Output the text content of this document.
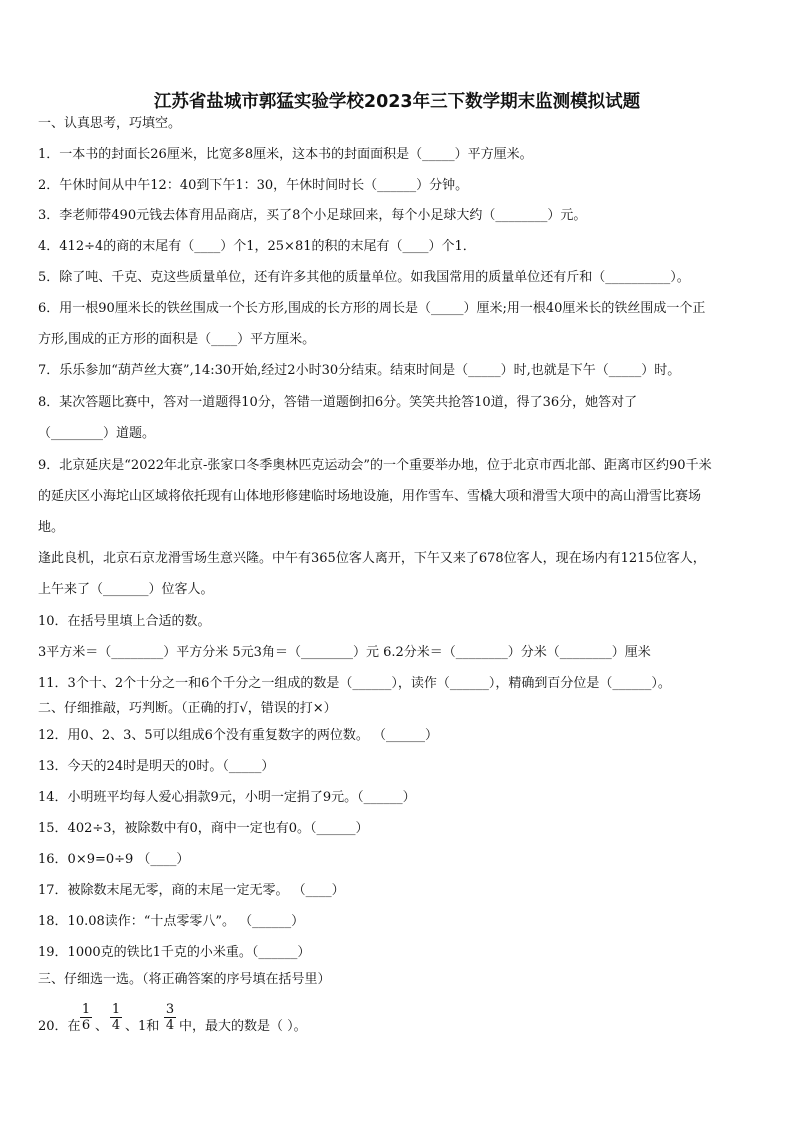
江苏省盐城市郭猛实验学校2023年三下数学期末监测模拟试题
一、认真思考，巧填空。
1．一本书的封面长26厘米，比宽多8厘米，这本书的封面面积是（_____）平方厘米。
2．午休时间从中午12：40到下午1：30，午休时间时长（______）分钟。
3．李老师带490元钱去体育用品商店，买了8个小足球回来，每个小足球大约（________）元。
4．412÷4的商的末尾有（____）个1，25×81的积的末尾有（____）个1．
5．除了吨、千克、克这些质量单位，还有许多其他的质量单位。如我国常用的质量单位还有斤和（__________）。
6．用一根90厘米长的铁丝围成一个长方形,围成的长方形的周长是（_____）厘米;用一根40厘米长的铁丝围成一个正
方形,围成的正方形的面积是（____）平方厘米。
7．乐乐参加“葫芦丝大赛”,14:30开始,经过2小时30分结束。结束时间是（_____）时,也就是下午（_____）时。
8．某次答题比赛中，答对一道题得10分，答错一道题倒扣6分。笑笑共抢答10道，得了36分，她答对了
（________）道题。
9．北京延庆是“2022年北京-张家口冬季奥林匹克运动会”的一个重要举办地，位于北京市西北部、距离市区约90千米
的延庆区小海坨山区域将依托现有山体地形修建临时场地设施，用作雪车、雪橇大项和滑雪大项中的高山滑雪比赛场
地。
逢此良机，北京石京龙滑雪场生意兴隆。中午有365位客人离开，下午又来了678位客人，现在场内有1215位客人，
上午来了（_______）位客人。
10．在括号里填上合适的数。
3平方米＝（________）平方分米 5元3角＝（________）元 6.2分米＝（________）分米（________）厘米
11．3个十、2个十分之一和6个千分之一组成的数是（______），读作（______），精确到百分位是（______）。
二、仔细推敲，巧判断。（正确的打√，错误的打×）
12．用0、2、3、5可以组成6个没有重复数字的两位数。 （______）
13．今天的24时是明天的0时。（_____）
14．小明班平均每人爱心捐款9元，小明一定捐了9元。（______）
15．402÷3，被除数中有0，商中一定也有0。（______）
16．0×9=0÷9 （____）
17．被除数末尾无零，商的末尾一定无零。 （____）
18．10.08读作：“十点零零八”。 （______）
19．1000克的铁比1千克的小米重。（______）
三、仔细选一选。（将正确答案的序号填在括号里）
20．在 $\frac{1}{6}$ 、 $\frac{1}{4}$ 、1和 $\frac{3}{4}$ 中，最大的数是（ ）。
